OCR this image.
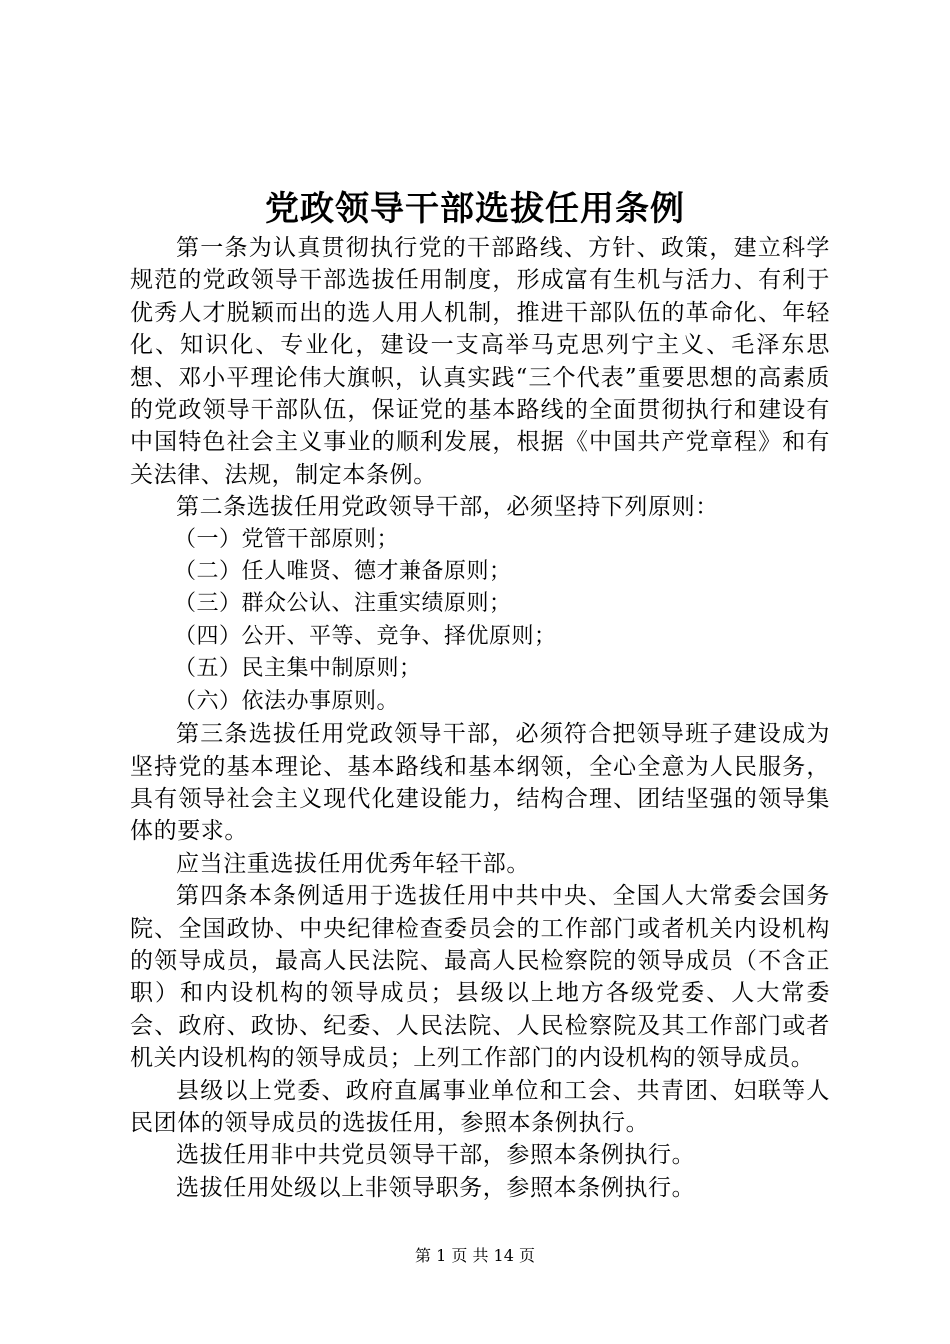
党政领导干部选拔任用条例

第一条为认真贯彻执行党的干部路线、方针、政策，建立科学规范的党政领导干部选拔任用制度，形成富有生机与活力、有利于优秀人才脱颖而出的选人用人机制，推进干部队伍的革命化、年轻化、知识化、专业化，建设一支高举马克思列宁主义、毛泽东思想、邓小平理论伟大旗帜，认真实践“三个代表”重要思想的高素质的党政领导干部队伍，保证党的基本路线的全面贯彻执行和建设有中国特色社会主义事业的顺利发展，根据《中国共产党章程》和有关法律、法规，制定本条例。

第二条选拔任用党政领导干部，必须坚持下列原则：

（一）党管干部原则；

（二）任人唯贤、德才兼备原则；

（三）群众公认、注重实绩原则；

（四）公开、平等、竞争、择优原则；

（五）民主集中制原则；

（六）依法办事原则。

第三条选拔任用党政领导干部，必须符合把领导班子建设成为坚持党的基本理论、基本路线和基本纲领，全心全意为人民服务，具有领导社会主义现代化建设能力，结构合理、团结坚强的领导集体的要求。

应当注重选拔任用优秀年轻干部。

第四条本条例适用于选拔任用中共中央、全国人大常委会国务院、全国政协、中央纪律检查委员会的工作部门或者机关内设机构的领导成员，最高人民法院、最高人民检察院的领导成员（不含正职）和内设机构的领导成员；县级以上地方各级党委、人大常委会、政府、政协、纪委、人民法院、人民检察院及其工作部门或者机关内设机构的领导成员；上列工作部门的内设机构的领导成员。

县级以上党委、政府直属事业单位和工会、共青团、妇联等人民团体的领导成员的选拔任用，参照本条例执行。

选拔任用非中共党员领导干部，参照本条例执行。

选拔任用处级以上非领导职务，参照本条例执行。

第 1 页 共 14 页
